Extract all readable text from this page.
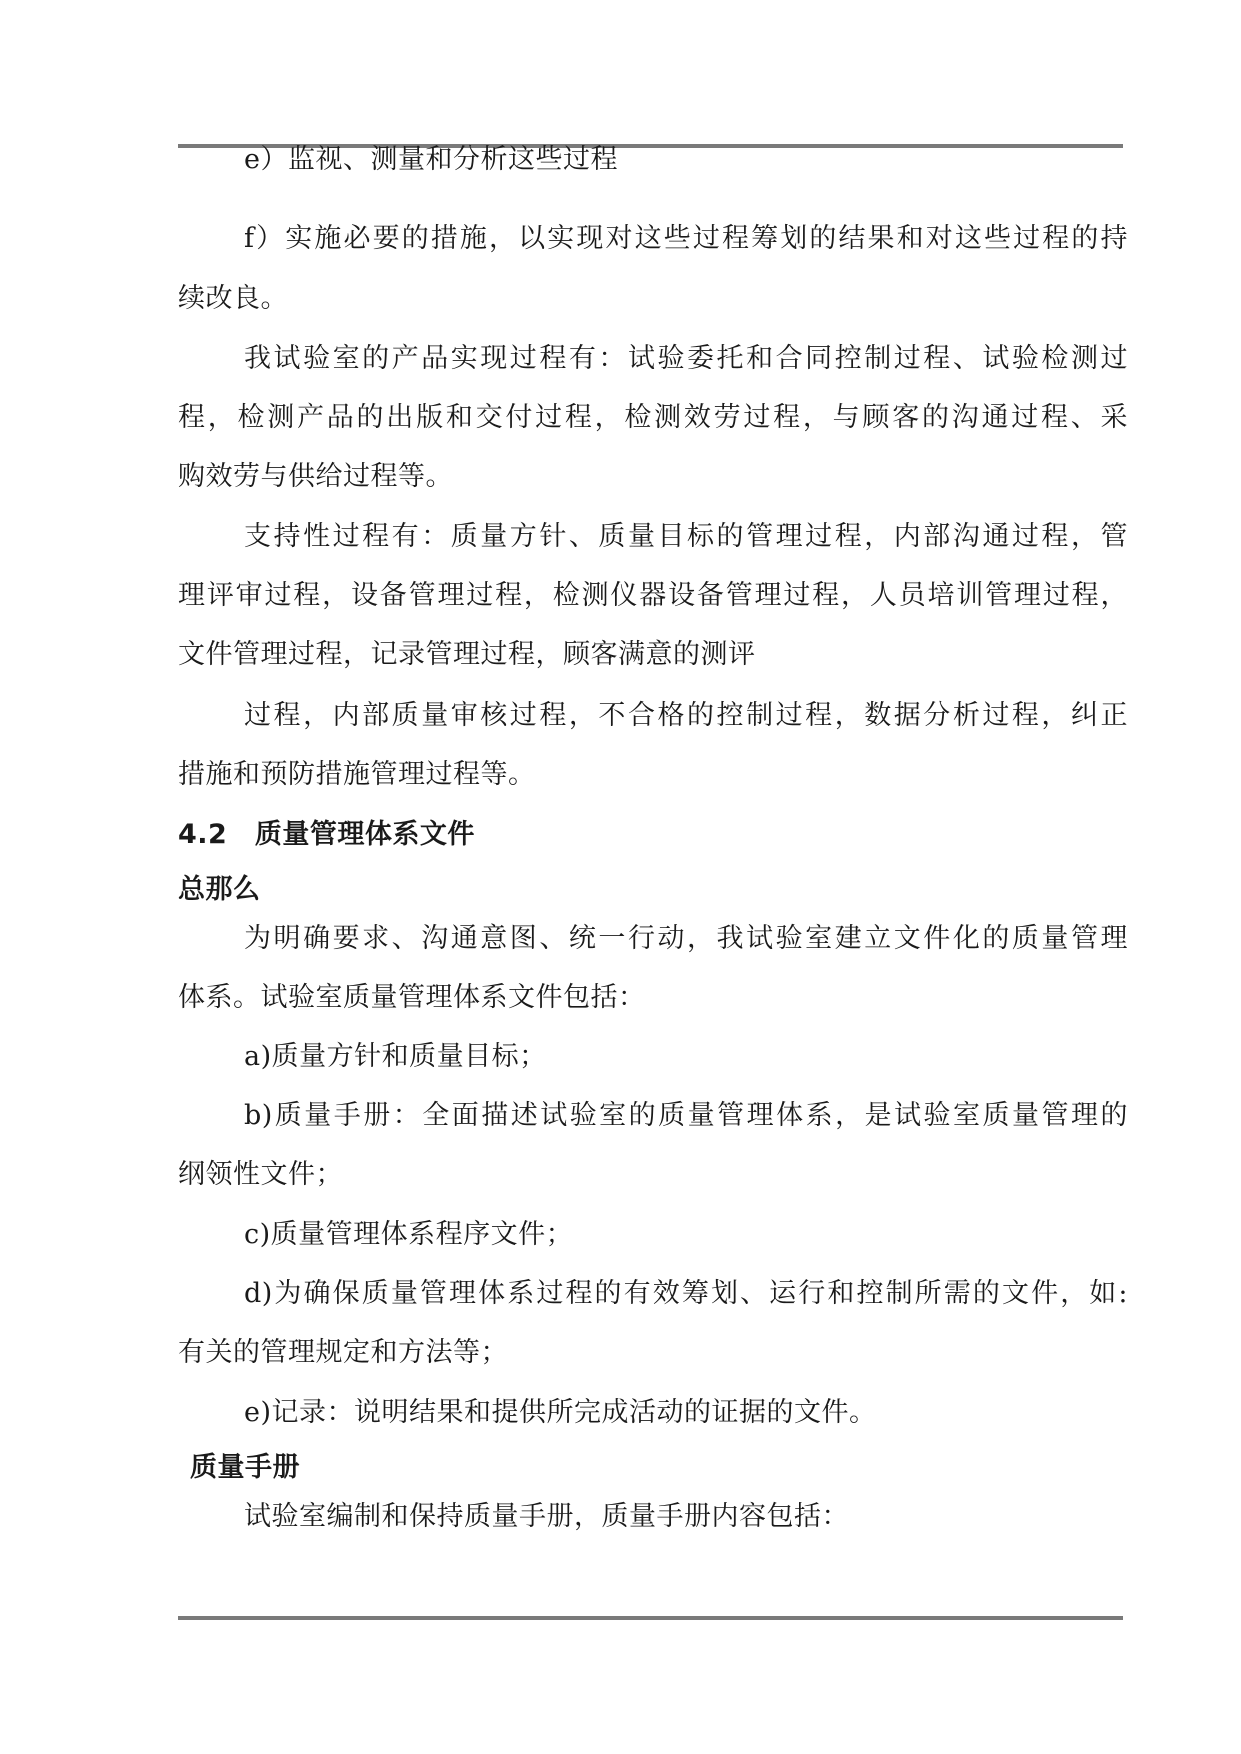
e）监视、测量和分析这些过程
f）实施必要的措施，以实现对这些过程筹划的结果和对这些过程的持
续改良。
我试验室的产品实现过程有：试验委托和合同控制过程、试验检测过
程，检测产品的出版和交付过程，检测效劳过程，与顾客的沟通过程、采
购效劳与供给过程等。
支持性过程有：质量方针、质量目标的管理过程，内部沟通过程，管
理评审过程，设备管理过程，检测仪器设备管理过程，人员培训管理过程，
文件管理过程，记录管理过程，顾客满意的测评
过程，内部质量审核过程，不合格的控制过程，数据分析过程，纠正
措施和预防措施管理过程等。
4.2　质量管理体系文件
总那么
为明确要求、沟通意图、统一行动，我试验室建立文件化的质量管理
体系。试验室质量管理体系文件包括：
a)质量方针和质量目标；
b)质量手册：全面描述试验室的质量管理体系，是试验室质量管理的
纲领性文件；
c)质量管理体系程序文件；
d)为确保质量管理体系过程的有效筹划、运行和控制所需的文件，如:
有关的管理规定和方法等；
e)记录：说明结果和提供所完成活动的证据的文件。
质量手册
试验室编制和保持质量手册，质量手册内容包括：
